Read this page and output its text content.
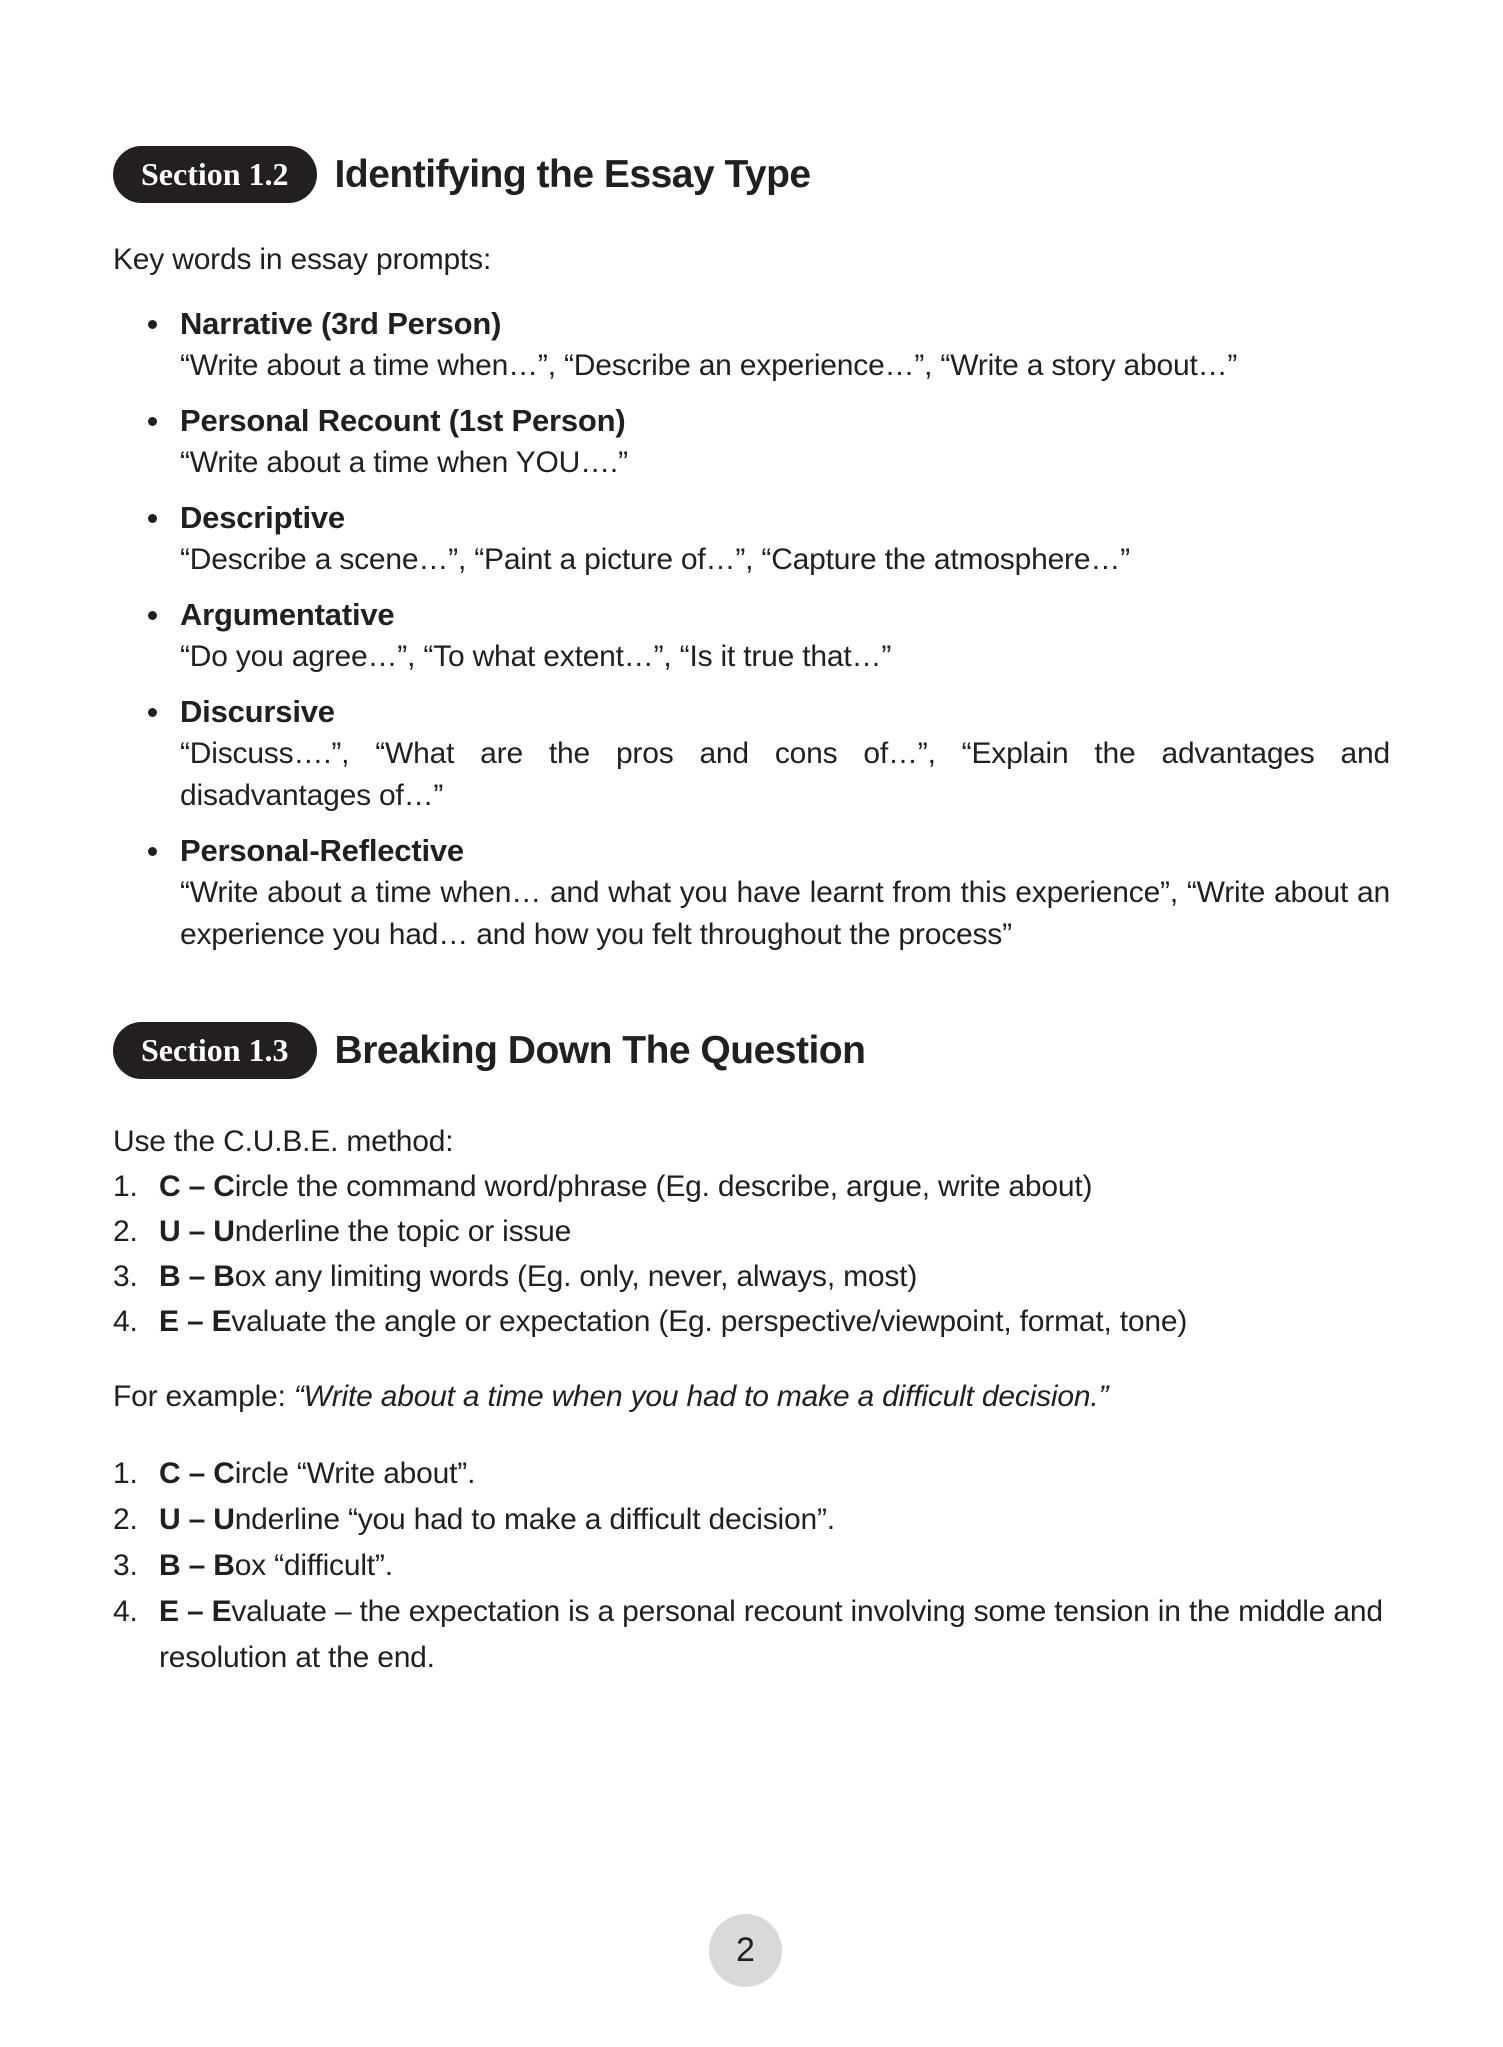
Section 1.2	Identifying the Essay Type

Key words in essay prompts:

Narrative (3rd Person)
“Write about a time when…”, “Describe an experience…”, “Write a story about…”
Personal Recount (1st Person)
“Write about a time when YOU….”
Descriptive
“Describe a scene…”, “Paint a picture of…”, “Capture the atmosphere…”
Argumentative
“Do you agree…”, “To what extent…”, “Is it true that…”
Discursive
“Discuss….”, “What are the pros and cons of…”, “Explain the advantages and disadvantages of…”
Personal-Reflective
“Write about a time when… and what you have learnt from this experience”, “Write about an experience you had… and how you felt throughout the process”
Section 1.3	Breaking Down The Question
Use the C.U.B.E. method:
1. C – Circle the command word/phrase (Eg. describe, argue, write about)
2. U – Underline the topic or issue
3. B – Box any limiting words (Eg. only, never, always, most)
4. E – Evaluate the angle or expectation (Eg. perspective/viewpoint, format, tone)

For example: “Write about a time when you had to make a difficult decision.”

1. C – Circle “Write about”.
2. U – Underline “you had to make a difficult decision”.
3. B – Box “difficult”.
4. E – Evaluate – the expectation is a personal recount involving some tension in the middle and resolution at the end.
2
